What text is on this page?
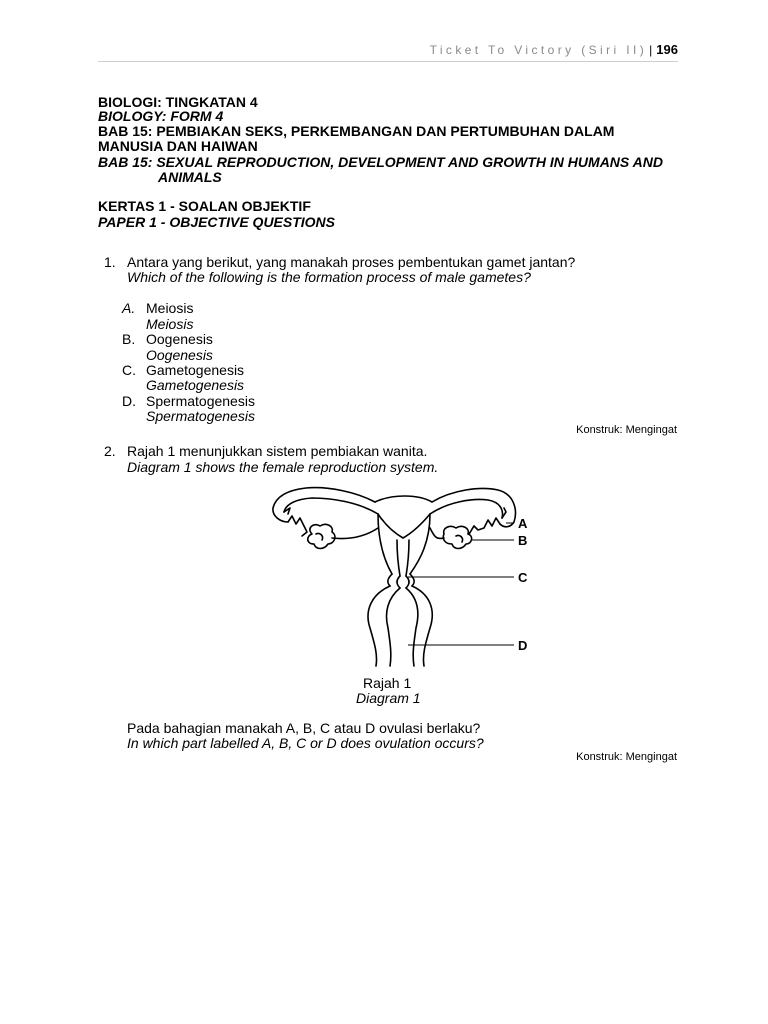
Ticket To Victory (Siri II) | 196
BIOLOGI: TINGKATAN 4
BIOLOGY: FORM 4
BAB 15: PEMBIAKAN SEKS, PERKEMBANGAN DAN PERTUMBUHAN DALAM
MANUSIA DAN HAIWAN
BAB 15: SEXUAL REPRODUCTION, DEVELOPMENT AND GROWTH IN HUMANS AND
ANIMALS
KERTAS 1 - SOALAN OBJEKTIF
PAPER 1 - OBJECTIVE QUESTIONS
1. Antara yang berikut, yang manakah proses pembentukan gamet jantan?
Which of the following is the formation process of male gametes?
A. Meiosis
Meiosis
B. Oogenesis
Oogenesis
C. Gametogenesis
Gametogenesis
D. Spermatogenesis
Spermatogenesis
Konstruk: Mengingat
2. Rajah 1 menunjukkan sistem pembiakan wanita.
Diagram 1 shows the female reproduction system.
A
B
C
D
Rajah 1
Diagram 1
Pada bahagian manakah A, B, C atau D ovulasi berlaku?
In which part labelled A, B, C or D does ovulation occurs?
Konstruk: Mengingat
